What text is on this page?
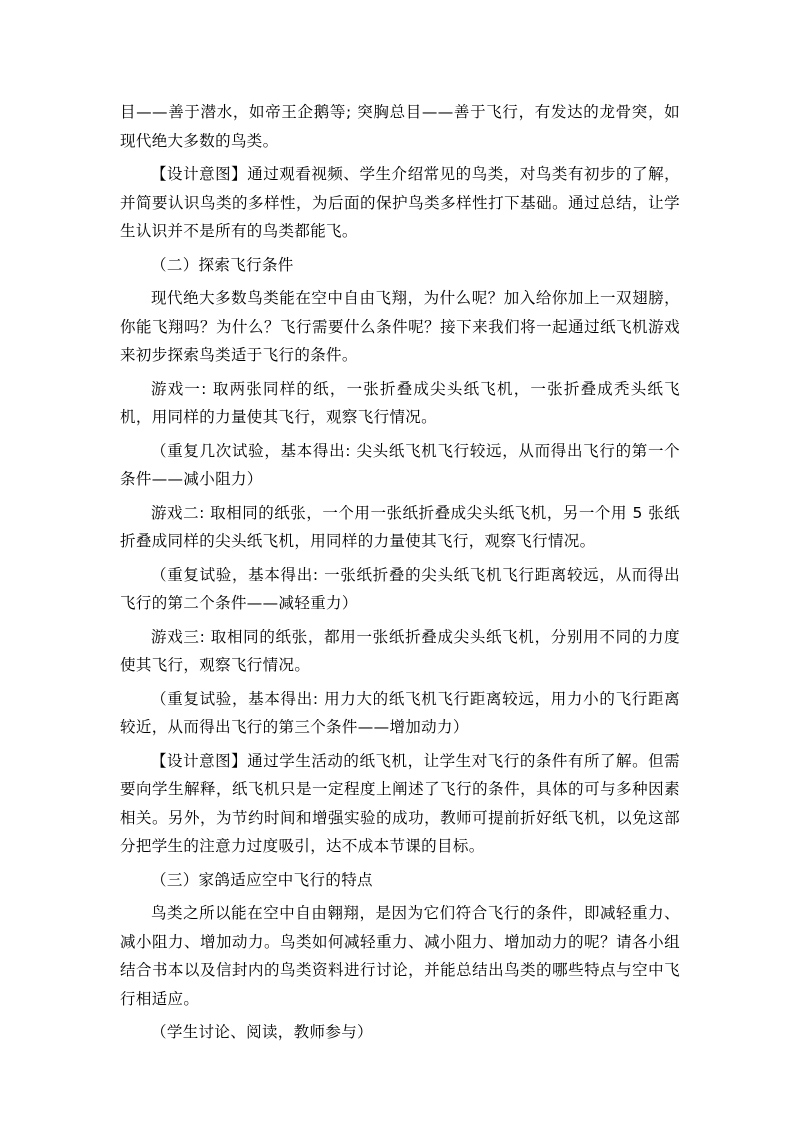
目——善于潜水，如帝王企鹅等; 突胸总目——善于飞行，有发达的龙骨突，如现代绝大多数的鸟类。

【设计意图】通过观看视频、学生介绍常见的鸟类，对鸟类有初步的了解，并简要认识鸟类的多样性，为后面的保护鸟类多样性打下基础。通过总结，让学生认识并不是所有的鸟类都能飞。

（二）探索飞行条件

现代绝大多数鸟类能在空中自由飞翔，为什么呢？加入给你加上一双翅膀，你能飞翔吗？为什么？飞行需要什么条件呢？接下来我们将一起通过纸飞机游戏来初步探索鸟类适于飞行的条件。

游戏一: 取两张同样的纸，一张折叠成尖头纸飞机，一张折叠成秃头纸飞机，用同样的力量使其飞行，观察飞行情况。

（重复几次试验，基本得出: 尖头纸飞机飞行较远，从而得出飞行的第一个条件——减小阻力）

游戏二: 取相同的纸张，一个用一张纸折叠成尖头纸飞机，另一个用 5 张纸折叠成同样的尖头纸飞机，用同样的力量使其飞行，观察飞行情况。

（重复试验，基本得出: 一张纸折叠的尖头纸飞机飞行距离较远，从而得出飞行的第二个条件——减轻重力）

游戏三: 取相同的纸张，都用一张纸折叠成尖头纸飞机，分别用不同的力度使其飞行，观察飞行情况。

（重复试验，基本得出: 用力大的纸飞机飞行距离较远，用力小的飞行距离较近，从而得出飞行的第三个条件——增加动力）

【设计意图】通过学生活动的纸飞机，让学生对飞行的条件有所了解。但需要向学生解释，纸飞机只是一定程度上阐述了飞行的条件，具体的可与多种因素相关。另外，为节约时间和增强实验的成功，教师可提前折好纸飞机，以免这部分把学生的注意力过度吸引，达不成本节课的目标。

（三）家鸽适应空中飞行的特点

鸟类之所以能在空中自由翱翔，是因为它们符合飞行的条件，即减轻重力、减小阻力、增加动力。鸟类如何减轻重力、减小阻力、增加动力的呢？请各小组结合书本以及信封内的鸟类资料进行讨论，并能总结出鸟类的哪些特点与空中飞行相适应。

（学生讨论、阅读，教师参与）
